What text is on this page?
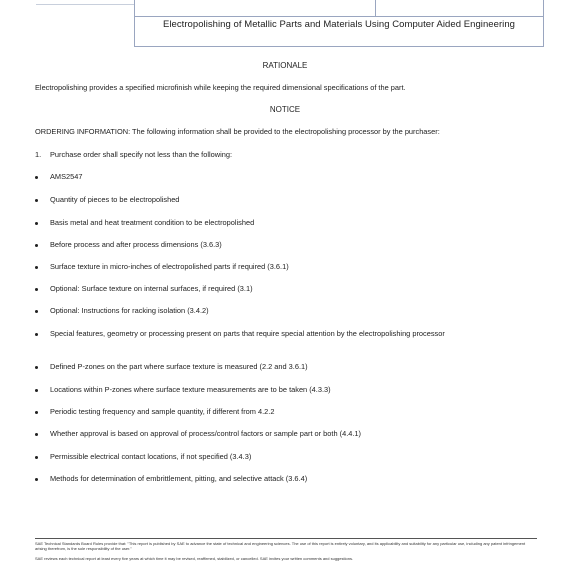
Electropolishing of Metallic Parts and Materials Using Computer Aided Engineering
RATIONALE
Electropolishing provides a specified microfinish while keeping the required dimensional specifications of the part.
NOTICE
ORDERING INFORMATION: The following information shall be provided to the electropolishing processor by the purchaser:
1.	Purchase order shall specify not less than the following:
AMS2547
Quantity of pieces to be electropolished
Basis metal and heat treatment condition to be electropolished
Before process and after process dimensions (3.6.3)
Surface texture in micro-inches of electropolished parts if required (3.6.1)
Optional: Surface texture on internal surfaces, if required (3.1)
Optional: Instructions for racking isolation (3.4.2)
Special features, geometry or processing present on parts that require special attention by the electropolishing processor
Defined P-zones on the part where surface texture is measured (2.2 and 3.6.1)
Locations within P-zones where surface texture measurements are to be taken (4.3.3)
Periodic testing frequency and sample quantity, if different from 4.2.2
Whether approval is based on approval of process/control factors or sample part or both (4.4.1)
Permissible electrical contact locations, if not specified (3.4.3)
Methods for determination of embrittlement, pitting, and selective attack (3.6.4)
SAE Technical Standards Board Rules provide that: "This report is published by SAE to advance the state of technical and engineering sciences. The use of this report is entirely voluntary, and its applicability and suitability for any particular use, including any patent infringement arising therefrom, is the sole responsibility of the user."
SAE reviews each technical report at least every five years at which time it may be revised, reaffirmed, stabilized, or cancelled. SAE invites your written comments and suggestions.
